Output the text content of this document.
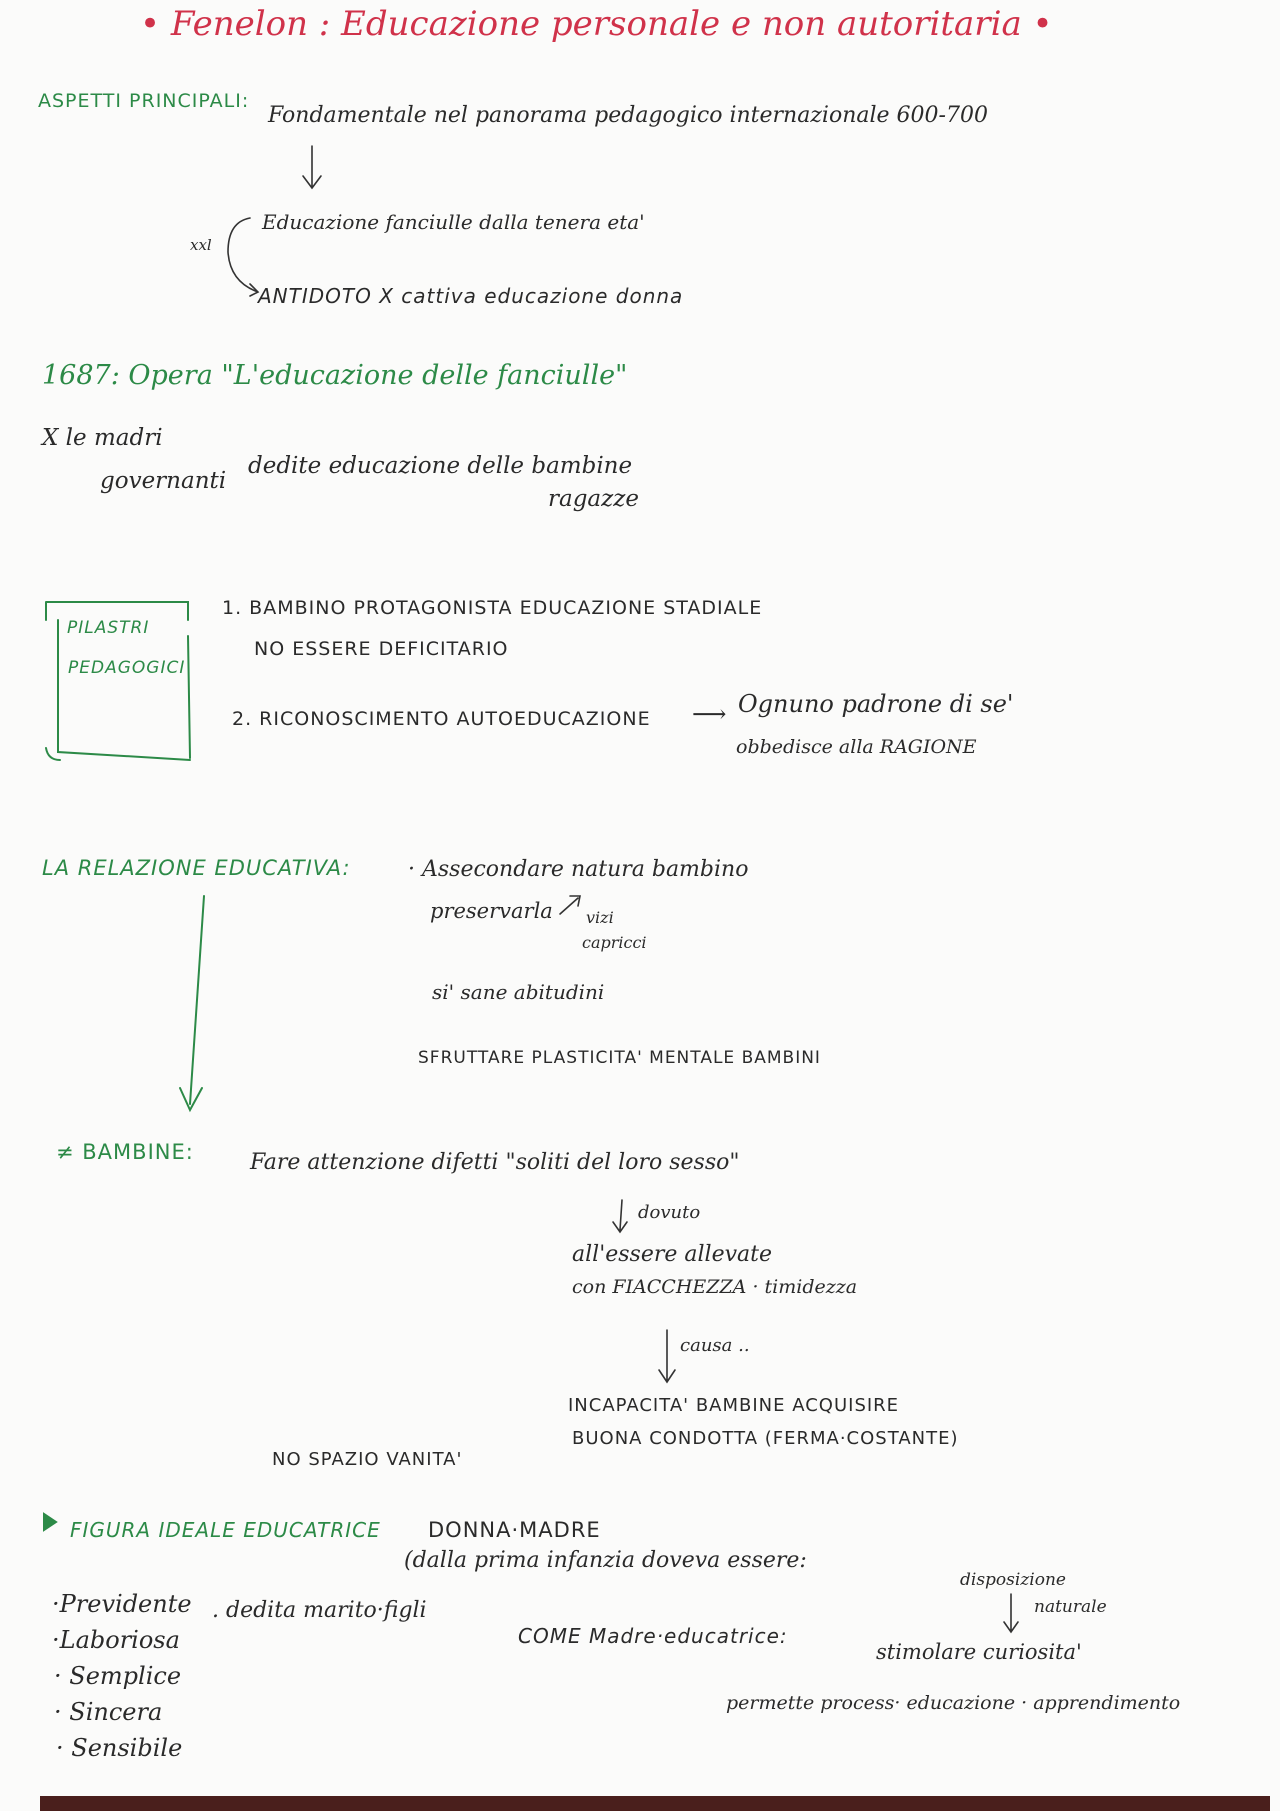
• Fenelon : Educazione personale e non autoritaria •
ASPETTI PRINCIPALI:
Fondamentale nel panorama pedagogico internazionale 600-700
xxl
Educazione fanciulle dalla tenera eta'
ANTIDOTO X cattiva educazione donna
1687: Opera "L'educazione delle fanciulle"
X le madri
governanti
dedite educazione delle bambine
ragazze
PILASTRI
PEDAGOGICI
1. BAMBINO PROTAGONISTA EDUCAZIONE STADIALE
NO ESSERE DEFICITARIO
2. RICONOSCIMENTO AUTOEDUCAZIONE ⟶ Ognuno padrone di se'
obbedisce alla RAGIONE
LA RELAZIONE EDUCATIVA:	· Assecondare natura bambino
preservarla vizi
capricci
si' sane abitudini
SFRUTTARE PLASTICITA' MENTALE BAMBINI
≠ BAMBINE:	Fare attenzione difetti "soliti del loro sesso"
dovuto
all'essere allevate
con FIACCHEZZA · timidezza
causa ..
INCAPACITA' BAMBINE ACQUISIRE
BUONA CONDOTTA (FERMA·COSTANTE)
NO SPAZIO VANITA'
FIGURA IDEALE EDUCATRICE DONNA·MADRE
(dalla prima infanzia doveva essere:
disposizione
naturale
·Previdente
·Laboriosa
· Semplice
· Sincera
· Sensibile
. dedita marito·figli
COME Madre·educatrice:
stimolare curiosita'
permette process· educazione · apprendimento
